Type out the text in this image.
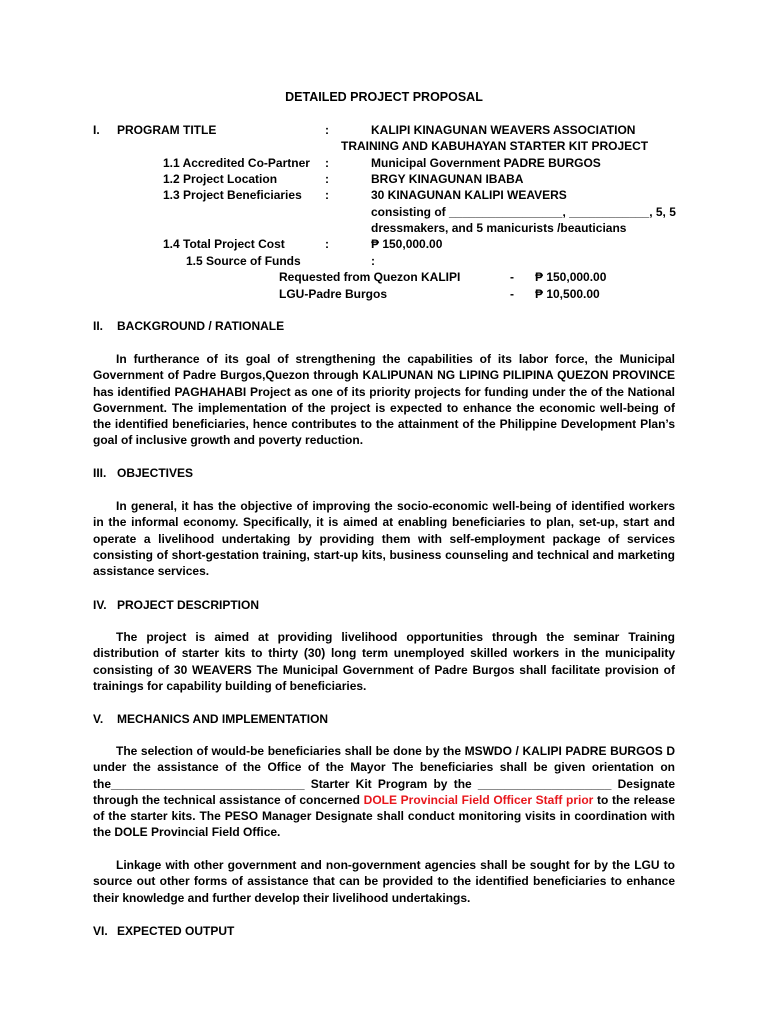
DETAILED PROJECT PROPOSAL
I. PROGRAM TITLE	:	KALIPI KINAGUNAN WEAVERS ASSOCIATION
TRAINING AND KABUHAYAN STARTER KIT PROJECT
1.1 Accredited Co-Partner :	Municipal Government PADRE BURGOS
1.2 Project Location	:	BRGY KINAGUNAN IBABA
1.3 Project Beneficiaries :	30 KINAGUNAN KALIPI WEAVERS
consisting of _________________, ____________, 5, 5
dressmakers, and 5 manicurists /beauticians
1.4 Total Project Cost	:	₱ 150,000.00
1.5 Source of Funds	:
Requested from Quezon KALIPI	- ₱ 150,000.00
LGU-Padre Burgos	- ₱ 10,500.00
II. BACKGROUND / RATIONALE
In furtherance of its goal of strengthening the capabilities of its labor force, the Municipal Government of Padre Burgos,Quezon through KALIPUNAN NG LIPING PILIPINA QUEZON PROVINCE has identified PAGHAHABI Project as one of its priority projects for funding under the of the National Government. The implementation of the project is expected to enhance the economic well-being of the identified beneficiaries, hence contributes to the attainment of the Philippine Development Plan’s goal of inclusive growth and poverty reduction.
III. OBJECTIVES
In general, it has the objective of improving the socio-economic well-being of identified workers in the informal economy. Specifically, it is aimed at enabling beneficiaries to plan, set-up, start and operate a livelihood undertaking by providing them with self-employment package of services consisting of short-gestation training, start-up kits, business counseling and technical and marketing assistance services.
IV. PROJECT DESCRIPTION
The project is aimed at providing livelihood opportunities through the seminar Training distribution of starter kits to thirty (30) long term unemployed skilled workers in the municipality consisting of 30 WEAVERS The Municipal Government of Padre Burgos shall facilitate provision of trainings for capability building of beneficiaries.
V. MECHANICS AND IMPLEMENTATION
The selection of would-be beneficiaries shall be done by the MSWDO / KALIPI PADRE BURGOS D under the assistance of the Office of the Mayor The beneficiaries shall be given orientation on the_____________________________ Starter Kit Program by the ____________________ Designate through the technical assistance of concerned DOLE Provincial Field Officer Staff prior to the release of the starter kits. The PESO Manager Designate shall conduct monitoring visits in coordination with the DOLE Provincial Field Office.
Linkage with other government and non-government agencies shall be sought for by the LGU to source out other forms of assistance that can be provided to the identified beneficiaries to enhance their knowledge and further develop their livelihood undertakings.
VI. EXPECTED OUTPUT
